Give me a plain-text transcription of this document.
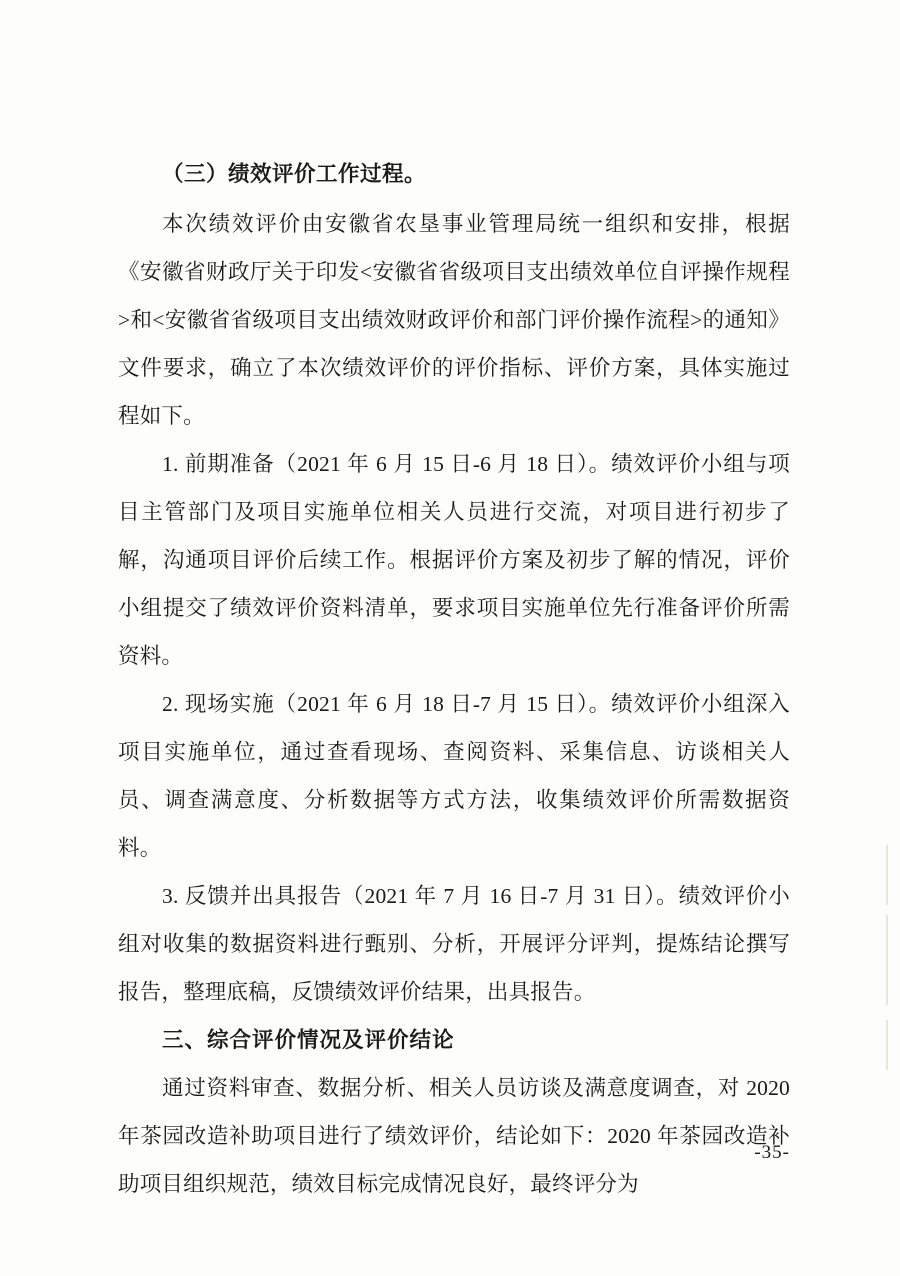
（三）绩效评价工作过程。

本次绩效评价由安徽省农垦事业管理局统一组织和安排，根据《安徽省财政厅关于印发<安徽省省级项目支出绩效单位自评操作规程>和<安徽省省级项目支出绩效财政评价和部门评价操作流程>的通知》文件要求，确立了本次绩效评价的评价指标、评价方案，具体实施过程如下。

1. 前期准备（2021 年 6 月 15 日-6 月 18 日）。绩效评价小组与项目主管部门及项目实施单位相关人员进行交流，对项目进行初步了解，沟通项目评价后续工作。根据评价方案及初步了解的情况，评价小组提交了绩效评价资料清单，要求项目实施单位先行准备评价所需资料。

2. 现场实施（2021 年 6 月 18 日-7 月 15 日）。绩效评价小组深入项目实施单位，通过查看现场、查阅资料、采集信息、访谈相关人员、调查满意度、分析数据等方式方法，收集绩效评价所需数据资料。

3. 反馈并出具报告（2021 年 7 月 16 日-7 月 31 日）。绩效评价小组对收集的数据资料进行甄别、分析，开展评分评判，提炼结论撰写报告，整理底稿，反馈绩效评价结果，出具报告。

三、综合评价情况及评价结论

通过资料审查、数据分析、相关人员访谈及满意度调查，对 2020 年茶园改造补助项目进行了绩效评价，结论如下：2020 年茶园改造补助项目组织规范，绩效目标完成情况良好，最终评分为

-35-
